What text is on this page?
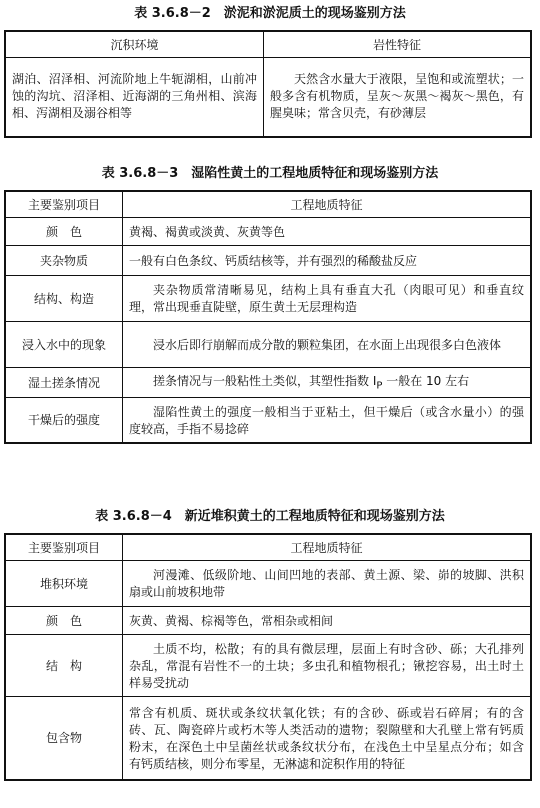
表 3.6.8－2　淤泥和淤泥质土的现场鉴别方法
沉积环境	岩性特征
湖泊、沼泽相、河流阶地上牛轭湖相，山前冲蚀的沟坑、沼泽相、近海湖的三角州相、滨海相、泻湖相及溺谷相等	天然含水量大于液限，呈饱和或流塑状；一般多含有机物质，呈灰～灰黑～褐灰～黑色，有腥臭味；常含贝壳，有砂薄层
表 3.6.8－3　湿陷性黄土的工程地质特征和现场鉴别方法
主要鉴别项目	工程地质特征
颜　色	黄褐、褐黄或淡黄、灰黄等色
夹杂物质	一般有白色条纹、钙质结核等，并有强烈的稀酸盐反应
结构、构造	夹杂物质常清晰易见，结构上具有垂直大孔（肉眼可见）和垂直纹理，常出现垂直陡壁，原生黄土无层理构造
浸入水中的现象	浸水后即行崩解而成分散的颗粒集团，在水面上出现很多白色液体
湿土搓条情况	搓条情况与一般粘性土类似，其塑性指数 $I_P$ 一般在 10 左右
干燥后的强度	湿陷性黄土的强度一般相当于亚粘土，但干燥后（或含水量小）的强度较高，手指不易捻碎
表 3.6.8－4　新近堆积黄土的工程地质特征和现场鉴别方法
主要鉴别项目	工程地质特征
堆积环境	河漫滩、低级阶地、山间凹地的表部、黄土源、梁、峁的坡脚、洪积扇或山前坡积地带
颜　色	灰黄、黄褐、棕褐等色，常相杂或相间
结　构	土质不均，松散；有的具有微层理，层面上有时含砂、砾；大孔排列杂乱，常混有岩性不一的土块；多虫孔和植物根孔；锹挖容易，出土时土样易受扰动
包含物	常含有机质、斑状或条纹状氧化铁；有的含砂、砾或岩石碎屑；有的含砖、瓦、陶瓷碎片或朽木等人类活动的遗物；裂隙壁和大孔壁上常有钙质粉末，在深色土中呈菌丝状或条纹状分布，在浅色土中呈星点分布；如含有钙质结核，则分布零星，无淋滤和淀积作用的特征
